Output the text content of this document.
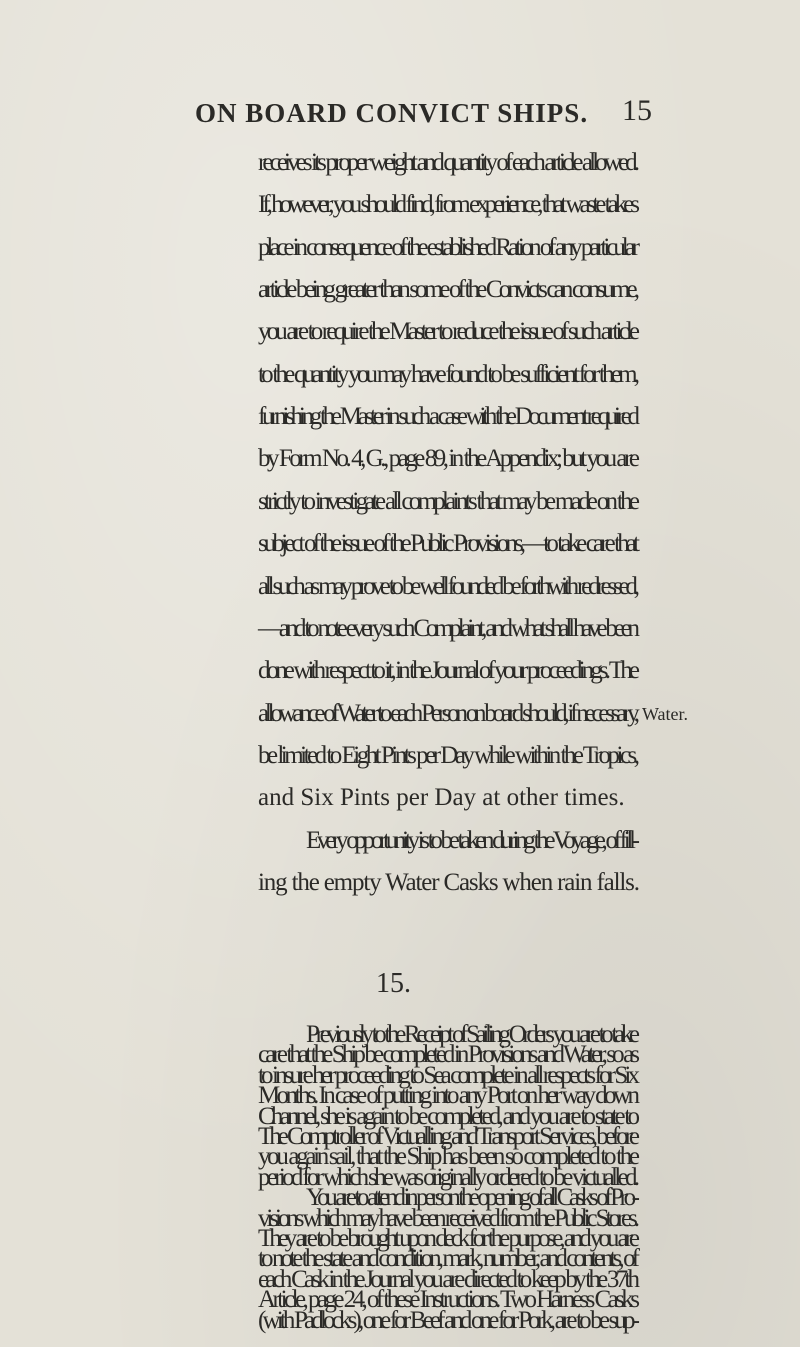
ON BOARD CONVICT SHIPS. 15
receives its proper weight and quantity of each article allowed.
If, however, you should find, from experience, that waste takes
place in consequence of the established Ration of any particular
article being greater than some of the Convicts can consume,
you are to require the Master to reduce the issue of such article
to the quantity you may have found to be sufficient for them,
furnishing the Master in such a case with the Document required
by Form No. 4, G., page 89, in the Appendix; but you are
strictly to investigate all complaints that may be made on the
subject of the issue of the Public Provisions,—to take care that
all such as may prove to be well founded be forthwith redressed,
—and to note every such Complaint, and what shall have been
done with respect to it, in the Journal of your proceedings. The
allowance of Water to each Person on board should, if necessary,
be limited to Eight Pints per Day while within the Tropics,
and Six Pints per Day at other times.
Every opportunity is to be taken during the Voyage, of fill-
ing the empty Water Casks when rain falls.
Water.
15.
Previously to the Receipt of Sailing Orders you are to take
care that the Ship be completed in Provisions and Water, so as
to insure her proceeding to Sea complete in all respects for Six
Months. In case of putting into any Port on her way down
Channel, she is again to be completed, and you are to state to
The Comptroller of Victualling and Transport Services, before
you again sail, that the Ship has been so completed to the
period for which she was originally ordered to be victualled.
You are to attend in person the opening of all Casks of Pro-
visions which may have been received from the Public Stores.
They are to be brought upon deck for the purpose, and you are
to note the state and condition, mark, number, and contents, of
each Cask in the Journal you are directed to keep by the 37th
Article, page 24, of these Instructions. Two Harness Casks
(with Padlocks), one for Beef and one for Pork, are to be sup-
